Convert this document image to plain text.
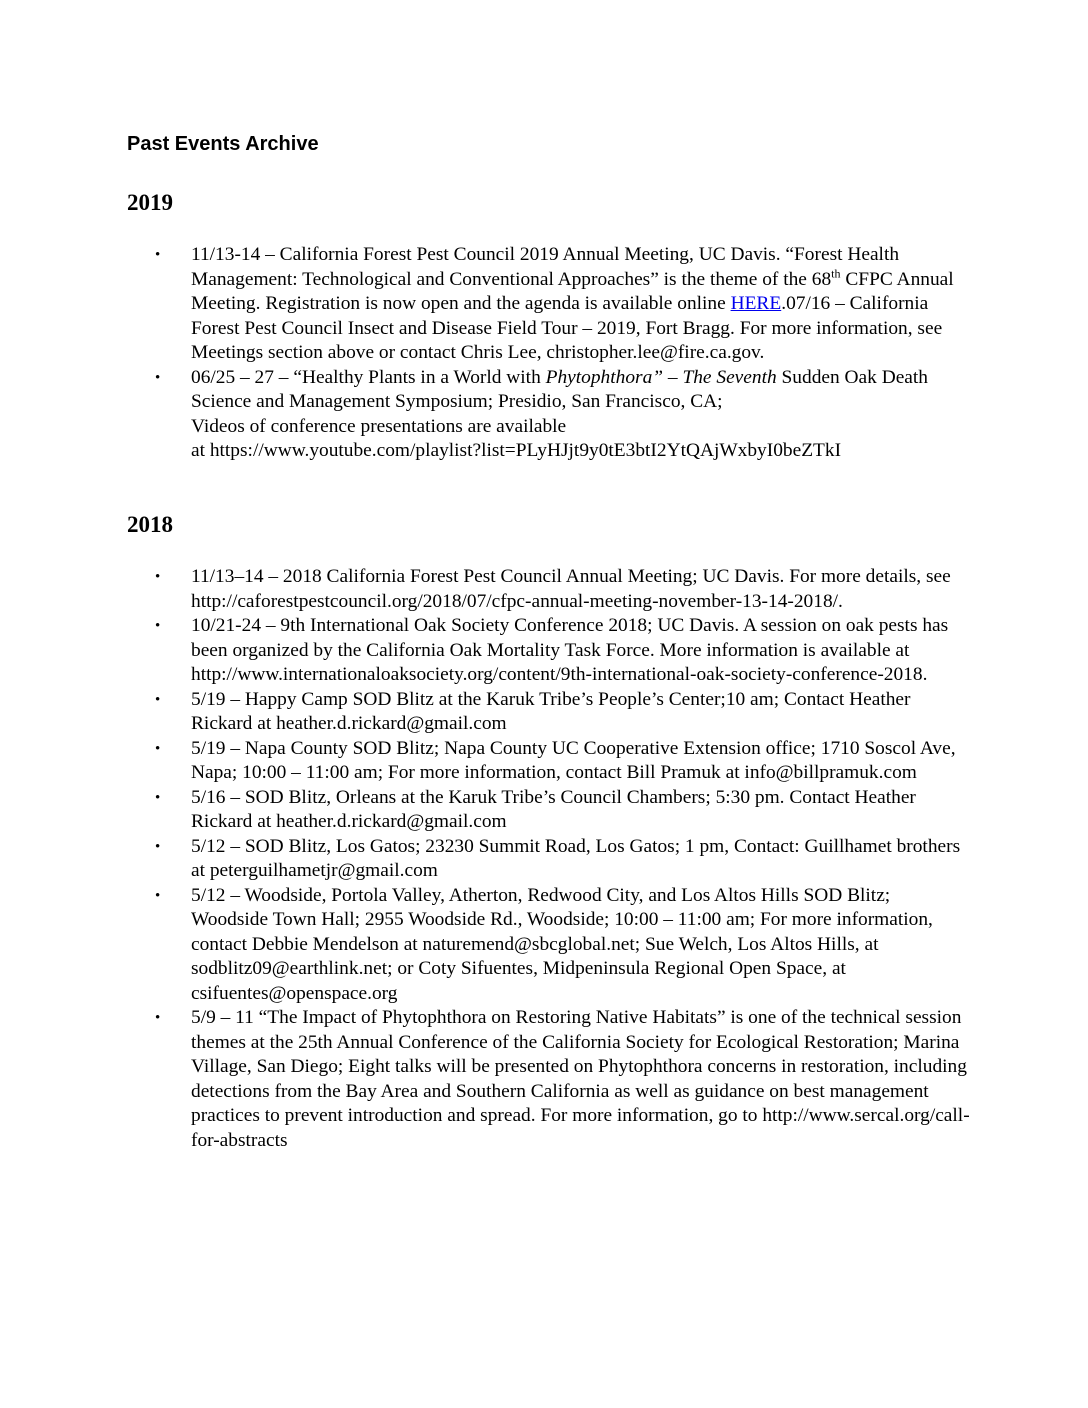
Past Events Archive
2019
• 11/13-14 – California Forest Pest Council 2019 Annual Meeting, UC Davis. “Forest Health Management: Technological and Conventional Approaches” is the theme of the 68th CFPC Annual Meeting. Registration is now open and the agenda is available online HERE.07/16 – California Forest Pest Council Insect and Disease Field Tour – 2019, Fort Bragg. For more information, see Meetings section above or contact Chris Lee, christopher.lee@fire.ca.gov.
• 06/25 – 27 – “Healthy Plants in a World with Phytophthora” – The Seventh Sudden Oak Death Science and Management Symposium; Presidio, San Francisco, CA;
Videos of conference presentations are available
at https://www.youtube.com/playlist?list=PLyHJjt9y0tE3btI2YtQAjWxbyI0beZTkI
2018
• 11/13–14 – 2018 California Forest Pest Council Annual Meeting; UC Davis. For more details, see http://caforestpestcouncil.org/2018/07/cfpc-annual-meeting-november-13-14-2018/.
• 10/21-24 – 9th International Oak Society Conference 2018; UC Davis. A session on oak pests has been organized by the California Oak Mortality Task Force. More information is available at http://www.internationaloaksociety.org/content/9th-international-oak-society-conference-2018.
• 5/19 – Happy Camp SOD Blitz at the Karuk Tribe’s People’s Center;10 am; Contact Heather Rickard at heather.d.rickard@gmail.com
• 5/19 – Napa County SOD Blitz; Napa County UC Cooperative Extension office; 1710 Soscol Ave, Napa; 10:00 – 11:00 am; For more information, contact Bill Pramuk at info@billpramuk.com
• 5/16 – SOD Blitz, Orleans at the Karuk Tribe’s Council Chambers; 5:30 pm. Contact Heather Rickard at heather.d.rickard@gmail.com
• 5/12 – SOD Blitz, Los Gatos; 23230 Summit Road, Los Gatos; 1 pm, Contact: Guillhamet brothers at peterguilhametjr@gmail.com
• 5/12 – Woodside, Portola Valley, Atherton, Redwood City, and Los Altos Hills SOD Blitz; Woodside Town Hall; 2955 Woodside Rd., Woodside; 10:00 – 11:00 am; For more information, contact Debbie Mendelson at naturemend@sbcglobal.net; Sue Welch, Los Altos Hills, at sodblitz09@earthlink.net; or Coty Sifuentes, Midpeninsula Regional Open Space, at csifuentes@openspace.org
• 5/9 – 11 “The Impact of Phytophthora on Restoring Native Habitats” is one of the technical session themes at the 25th Annual Conference of the California Society for Ecological Restoration; Marina Village, San Diego; Eight talks will be presented on Phytophthora concerns in restoration, including detections from the Bay Area and Southern California as well as guidance on best management practices to prevent introduction and spread. For more information, go to http://www.sercal.org/call-for-abstracts
